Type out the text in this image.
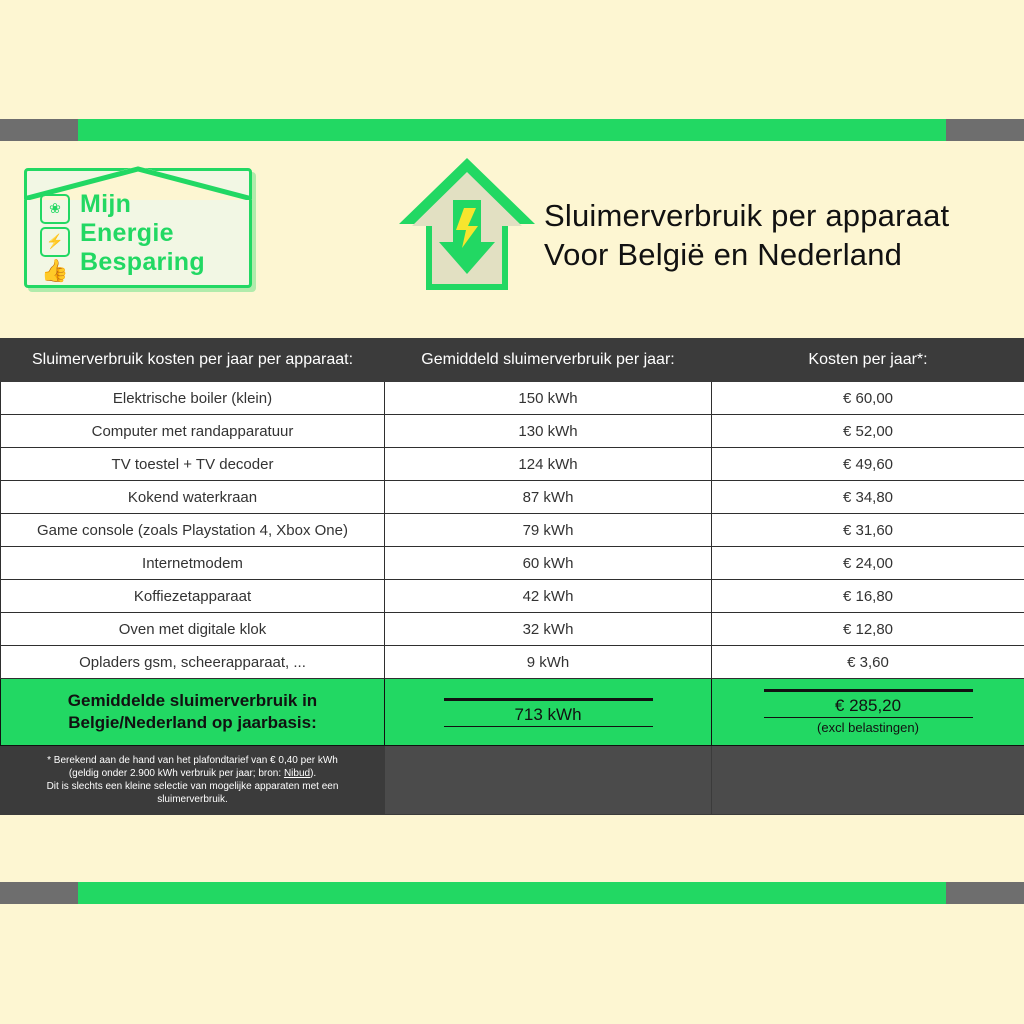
❀
⚡
👍
Mijn
Energie
Besparing
Sluimerverbruik per apparaat
Voor België en Nederland
Sluimerverbruik kosten per jaar per apparaat:	Gemiddeld sluimerverbruik per jaar:	Kosten per jaar*:
Elektrische boiler (klein)	150 kWh	€ 60,00
Computer met randapparatuur	130 kWh	€ 52,00
TV toestel + TV decoder	124 kWh	€ 49,60
Kokend waterkraan	87 kWh	€ 34,80
Game console (zoals Playstation 4, Xbox One)	79 kWh	€ 31,60
Internetmodem	60 kWh	€ 24,00
Koffiezetapparaat	42 kWh	€ 16,80
Oven met digitale klok	32 kWh	€ 12,80
Opladers gsm, scheerapparaat, ...	9 kWh	€ 3,60
Gemiddelde sluimerverbruik in
Belgie/Nederland op jaarbasis:	713 kWh	€ 285,20
(excl belastingen)

* Berekend aan de hand van het plafondtarief van € 0,40 per kWh
(geldig onder 2.900 kWh verbruik per jaar; bron: Nibud).
Dit is slechts een kleine selectie van mogelijke apparaten met een sluimerverbruik.		
